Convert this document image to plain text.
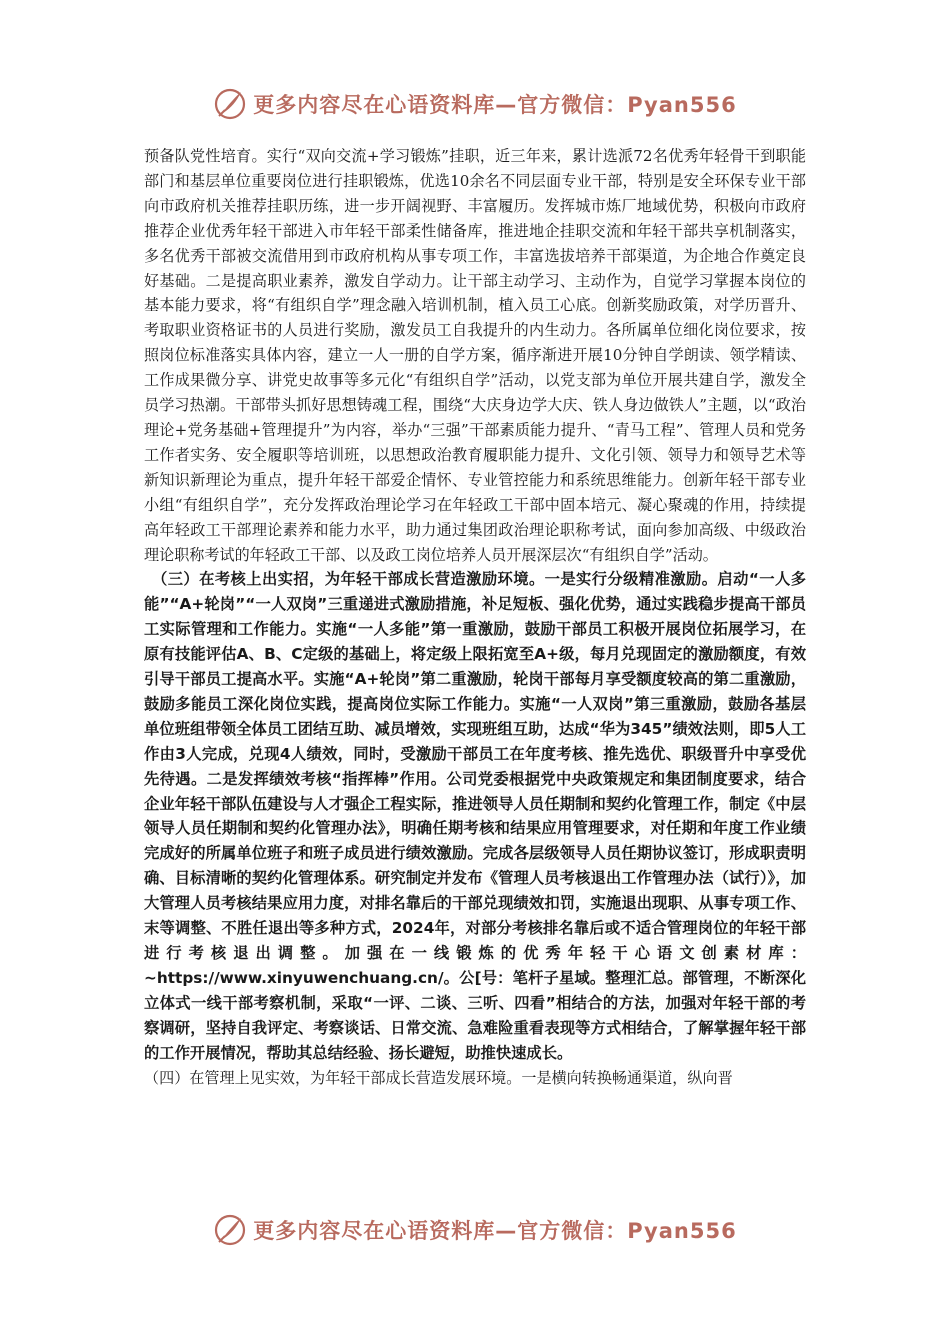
更多内容尽在心语资料库—官方微信：Pyan556

预备队党性培育。实行“双向交流+学习锻炼”挂职，近三年来，累计选派72名优秀年轻骨干到职能部门和基层单位重要岗位进行挂职锻炼，优选10余名不同层面专业干部，特别是安全环保专业干部向市政府机关推荐挂职历练，进一步开阔视野、丰富履历。发挥城市炼厂地域优势，积极向市政府推荐企业优秀年轻干部进入市年轻干部柔性储备库，推进地企挂职交流和年轻干部共享机制落实，多名优秀干部被交流借用到市政府机构从事专项工作，丰富选拔培养干部渠道，为企地合作奠定良好基础。二是提高职业素养，激发自学动力。让干部主动学习、主动作为，自觉学习掌握本岗位的基本能力要求，将“有组织自学”理念融入培训机制，植入员工心底。创新奖励政策，对学历晋升、考取职业资格证书的人员进行奖励，激发员工自我提升的内生动力。各所属单位细化岗位要求，按照岗位标准落实具体内容，建立一人一册的自学方案，循序渐进开展10分钟自学朗读、领学精读、工作成果微分享、讲党史故事等多元化“有组织自学”活动，以党支部为单位开展共建自学，激发全员学习热潮。干部带头抓好思想铸魂工程，围绕“大庆身边学大庆、铁人身边做铁人”主题，以“政治理论+党务基础+管理提升”为内容，举办“三强”干部素质能力提升、“青马工程”、管理人员和党务工作者实务、安全履职等培训班，以思想政治教育履职能力提升、文化引领、领导力和领导艺术等新知识新理论为重点，提升年轻干部爱企情怀、专业管控能力和系统思维能力。创新年轻干部专业小组“有组织自学”，充分发挥政治理论学习在年轻政工干部中固本培元、凝心聚魂的作用，持续提高年轻政工干部理论素养和能力水平，助力通过集团政治理论职称考试，面向参加高级、中级政治理论职称考试的年轻政工干部、以及政工岗位培养人员开展深层次“有组织自学”活动。

（三）在考核上出实招，为年轻干部成长营造激励环境。一是实行分级精准激励。启动“一人多能”“A+轮岗”“一人双岗”三重递进式激励措施，补足短板、强化优势，通过实践稳步提高干部员工实际管理和工作能力。实施“一人多能”第一重激励，鼓励干部员工积极开展岗位拓展学习，在原有技能评估A、B、C定级的基础上，将定级上限拓宽至A+级，每月兑现固定的激励额度，有效引导干部员工提高水平。实施“A+轮岗”第二重激励，轮岗干部每月享受额度较高的第二重激励，鼓励多能员工深化岗位实践，提高岗位实际工作能力。实施“一人双岗”第三重激励，鼓励各基层单位班组带领全体员工团结互助、减员增效，实现班组互助，达成“华为345”绩效法则，即5人工作由3人完成，兑现4人绩效，同时，受激励干部员工在年度考核、推先选优、职级晋升中享受优先待遇。二是发挥绩效考核“指挥棒”作用。公司党委根据党中央政策规定和集团制度要求，结合企业年轻干部队伍建设与人才强企工程实际，推进领导人员任期制和契约化管理工作，制定《中层领导人员任期制和契约化管理办法》，明确任期考核和结果应用管理要求，对任期和年度工作业绩完成好的所属单位班子和班子成员进行绩效激励。完成各层级领导人员任期协议签订，形成职责明确、目标清晰的契约化管理体系。研究制定并发布《管理人员考核退出工作管理办法（试行）》，加大管理人员考核结果应用力度，对排名靠后的干部兑现绩效扣罚，实施退出现职、从事专项工作、末等调整、不胜任退出等多种方式，2024年，对部分考核排名靠后或不适合管理岗位的年轻干部进行考核退出调整。加强在一线锻炼的优秀年轻干心语文创素材库：~https://www.xinyuwenchuang.cn/。公[号：笔杆子星域。整理汇总。部管理，不断深化立体式一线干部考察机制，采取“一评、二谈、三听、四看”相结合的方法，加强对年轻干部的考察调研，坚持自我评定、考察谈话、日常交流、急难险重看表现等方式相结合，了解掌握年轻干部的工作开展情况，帮助其总结经验、扬长避短，助推快速成长。

（四）在管理上见实效，为年轻干部成长营造发展环境。一是横向转换畅通渠道，纵向晋

更多内容尽在心语资料库—官方微信：Pyan556
